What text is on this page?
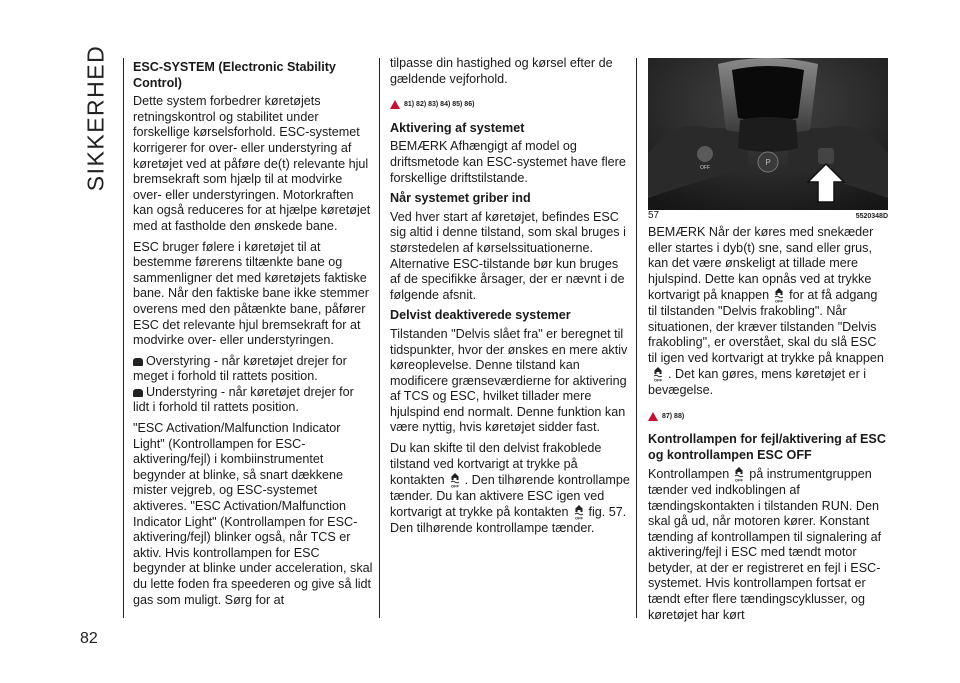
SIKKERHED
82
ESC-SYSTEM (Electronic Stability Control)

Dette system forbedrer køretøjets retningskontrol og stabilitet under forskellige kørselsforhold. ESC-systemet korrigerer for over- eller understyring af køretøjet ved at påføre de(t) relevante hjul bremsekraft som hjælp til at modvirke over- eller understyringen. Motorkraften kan også reduceres for at hjælpe køretøjet med at fastholde den ønskede bane.

ESC bruger følere i køretøjet til at bestemme førerens tiltænkte bane og sammenligner det med køretøjets faktiske bane. Når den faktiske bane ikke stemmer overens med den påtænkte bane, påfører ESC det relevante hjul bremsekraft for at modvirke over- eller understyringen.

Overstyring - når køretøjet drejer for meget i forhold til rattets position.

Understyring - når køretøjet drejer for lidt i forhold til rattets position.

"ESC Activation/Malfunction Indicator Light" (Kontrollampen for ESC-aktivering/fejl) i kombiinstrumentet begynder at blinke, så snart dækkene mister vejgreb, og ESC-systemet aktiveres. "ESC Activation/Malfunction Indicator Light" (Kontrollampen for ESC-aktivering/fejl) blinker også, når TCS er aktiv. Hvis kontrollampen for ESC begynder at blinke under acceleration, skal du lette foden fra speederen og give så lidt gas som muligt. Sørg for at

tilpasse din hastighed og kørsel efter de gældende vejforhold.

81) 82) 83) 84) 85) 86)
Aktivering af systemet

BEMÆRK Afhængigt af model og driftsmetode kan ESC-systemet have flere forskellige driftstilstande.

Når systemet griber ind

Ved hver start af køretøjet, befindes ESC sig altid i denne tilstand, som skal bruges i størstedelen af kørselssituationerne. Alternative ESC-tilstande bør kun bruges af de specifikke årsager, der er nævnt i de følgende afsnit.

Delvist deaktiverede systemer

Tilstanden "Delvis slået fra" er beregnet til tidspunkter, hvor der ønskes en mere aktiv køreoplevelse. Denne tilstand kan modificere grænseværdierne for aktivering af TCS og ESC, hvilket tillader mere hjulspind end normalt. Denne funktion kan være nyttig, hvis køretøjet sidder fast.

Du kan skifte til den delvist frakoblede tilstand ved kortvarigt at trykke på kontakten . Den tilhørende kontrollampe tænder. Du kan aktivere ESC igen ved kortvarigt at trykke på kontakten fig. 57. Den tilhørende kontrollampe tænder.

OFF
P
57	5520348D

BEMÆRK Når der køres med snekæder eller startes i dyb(t) sne, sand eller grus, kan det være ønskeligt at tillade mere hjulspind. Dette kan opnås ved at trykke kortvarigt på knappen for at få adgang til tilstanden "Delvis frakobling". Når situationen, der kræver tilstanden "Delvis frakobling", er overstået, skal du slå ESC til igen ved kortvarigt at trykke på knappen. Det kan gøres, mens køretøjet er i bevægelse.

87) 88)
Kontrollampen for fejl/aktivering af ESC og kontrollampen ESC OFF

Kontrollampen på instrumentgruppen tænder ved indkoblingen af tændingskontakten i tilstanden RUN. Den skal gå ud, når motoren kører. Konstant tænding af kontrollampen til signalering af aktivering/fejl i ESC med tændt motor betyder, at der er registreret en fejl i ESC-systemet. Hvis kontrollampen fortsat er tændt efter flere tændingscyklusser, og køretøjet har kørt
